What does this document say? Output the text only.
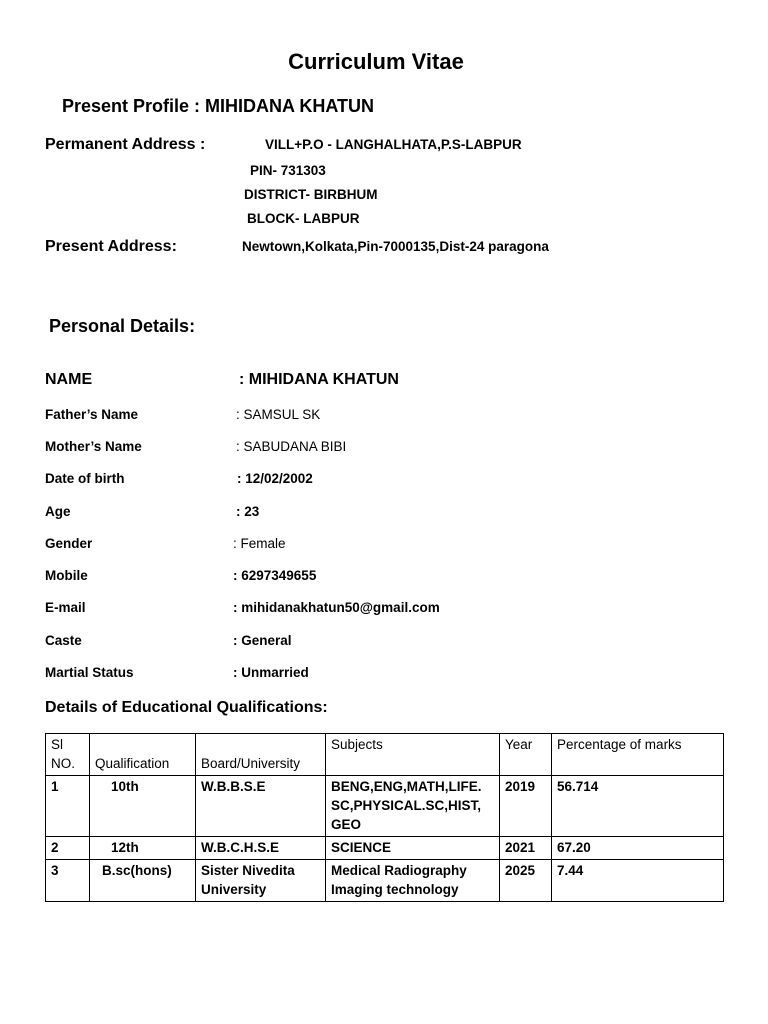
Curriculum Vitae
Present Profile : MIHIDANA KHATUN
Permanent Address :	VILL+P.O - LANGHALHATA,P.S-LABPUR
PIN- 731303
DISTRICT- BIRBHUM
BLOCK- LABPUR
Present Address:	Newtown,Kolkata,Pin-7000135,Dist-24 paragona
Personal Details:
NAME	: MIHIDANA KHATUN
Father’s Name	: SAMSUL SK
Mother’s Name	: SABUDANA BIBI
Date of birth	: 12/02/2002
Age	: 23
Gender	: Female
Mobile	: 6297349655
E-mail	: mihidanakhatun50@gmail.com
Caste	: General
Martial Status	: Unmarried
Details of Educational Qualifications:
Sl
NO.	Qualification	Board/University	Subjects	Year	Percentage of marks
1	10th	W.B.B.S.E	BENG,ENG,MATH,LIFE. SC,PHYSICAL.SC,HIST, GEO	2019	56.714
2	12th	W.B.C.H.S.E	SCIENCE	2021	67.20
3	B.sc(hons)	Sister Nivedita University	Medical Radiography Imaging technology	2025	7.44
